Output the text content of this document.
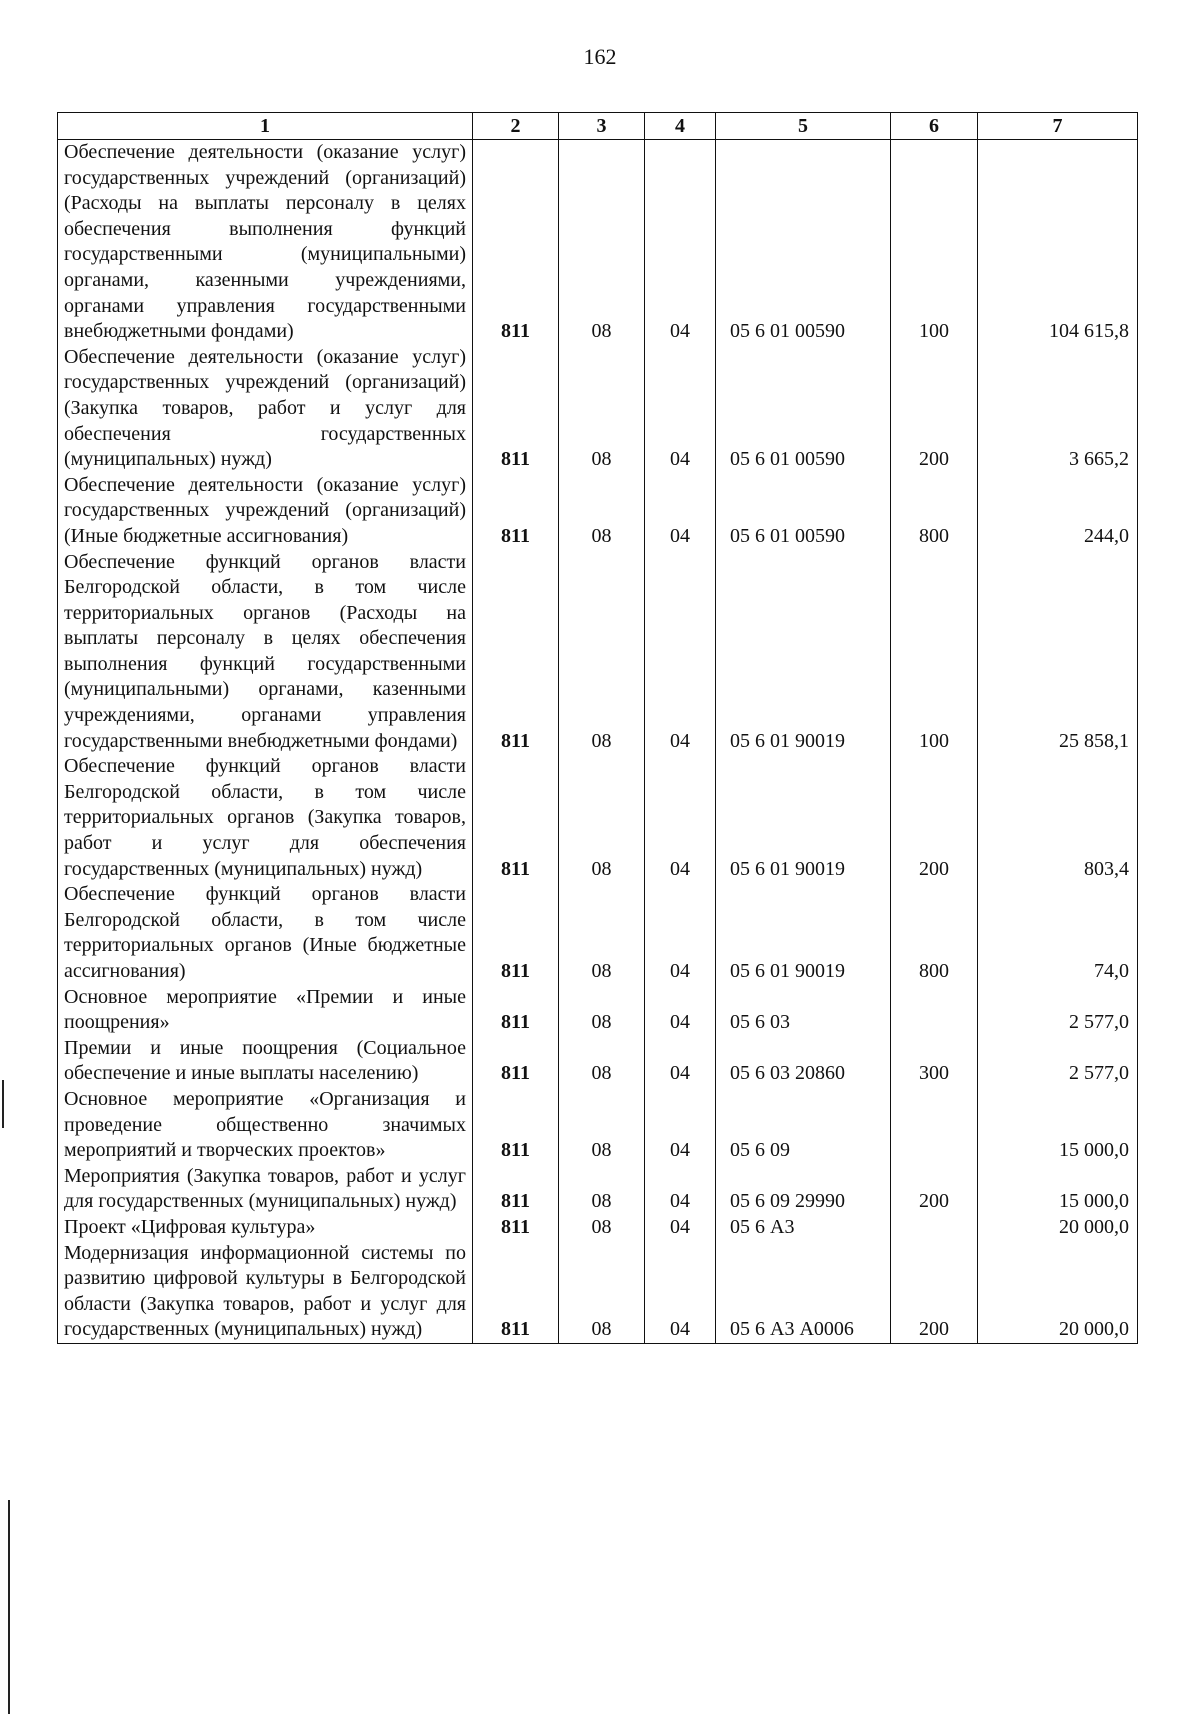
162
1	2	3	4	5	6	7
Обеспечение деятельности (оказание услуг) государственных учреждений (организаций) (Расходы на выплаты персоналу в целях обеспечения выполнения функций государственными (муниципальными) органами, казенными учреждениями, органами управления государственными внебюджетными фондами)	811	08	04	05 6 01 00590	100	104 615,8
Обеспечение деятельности (оказание услуг) государственных учреждений (организаций) (Закупка товаров, работ и услуг для обеспечения государственных (муниципальных) нужд)	811	08	04	05 6 01 00590	200	3 665,2
Обеспечение деятельности (оказание услуг) государственных учреждений (организаций) (Иные бюджетные ассигнования)	811	08	04	05 6 01 00590	800	244,0
Обеспечение функций органов власти Белгородской области, в том числе территориальных органов (Расходы на выплаты персоналу в целях обеспечения выполнения функций государственными (муниципальными) органами, казенными учреждениями, органами управления государственными внебюджетными фондами)	811	08	04	05 6 01 90019	100	25 858,1
Обеспечение функций органов власти Белгородской области, в том числе территориальных органов (Закупка товаров, работ и услуг для обеспечения государственных (муниципальных) нужд)	811	08	04	05 6 01 90019	200	803,4
Обеспечение функций органов власти Белгородской области, в том числе территориальных органов (Иные бюджетные ассигнования)	811	08	04	05 6 01 90019	800	74,0
Основное мероприятие «Премии и иные поощрения»	811	08	04	05 6 03		2 577,0
Премии и иные поощрения (Социальное обеспечение и иные выплаты населению)	811	08	04	05 6 03 20860	300	2 577,0
Основное мероприятие «Организация и проведение общественно значимых мероприятий и творческих проектов»	811	08	04	05 6 09		15 000,0
Мероприятия (Закупка товаров, работ и услуг для государственных (муниципальных) нужд)	811	08	04	05 6 09 29990	200	15 000,0
Проект «Цифровая культура»	811	08	04	05 6 А3		20 000,0
Модернизация информационной системы по развитию цифровой культуры в Белгородской области (Закупка товаров, работ и услуг для государственных (муниципальных) нужд)	811	08	04	05 6 А3 А0006	200	20 000,0
